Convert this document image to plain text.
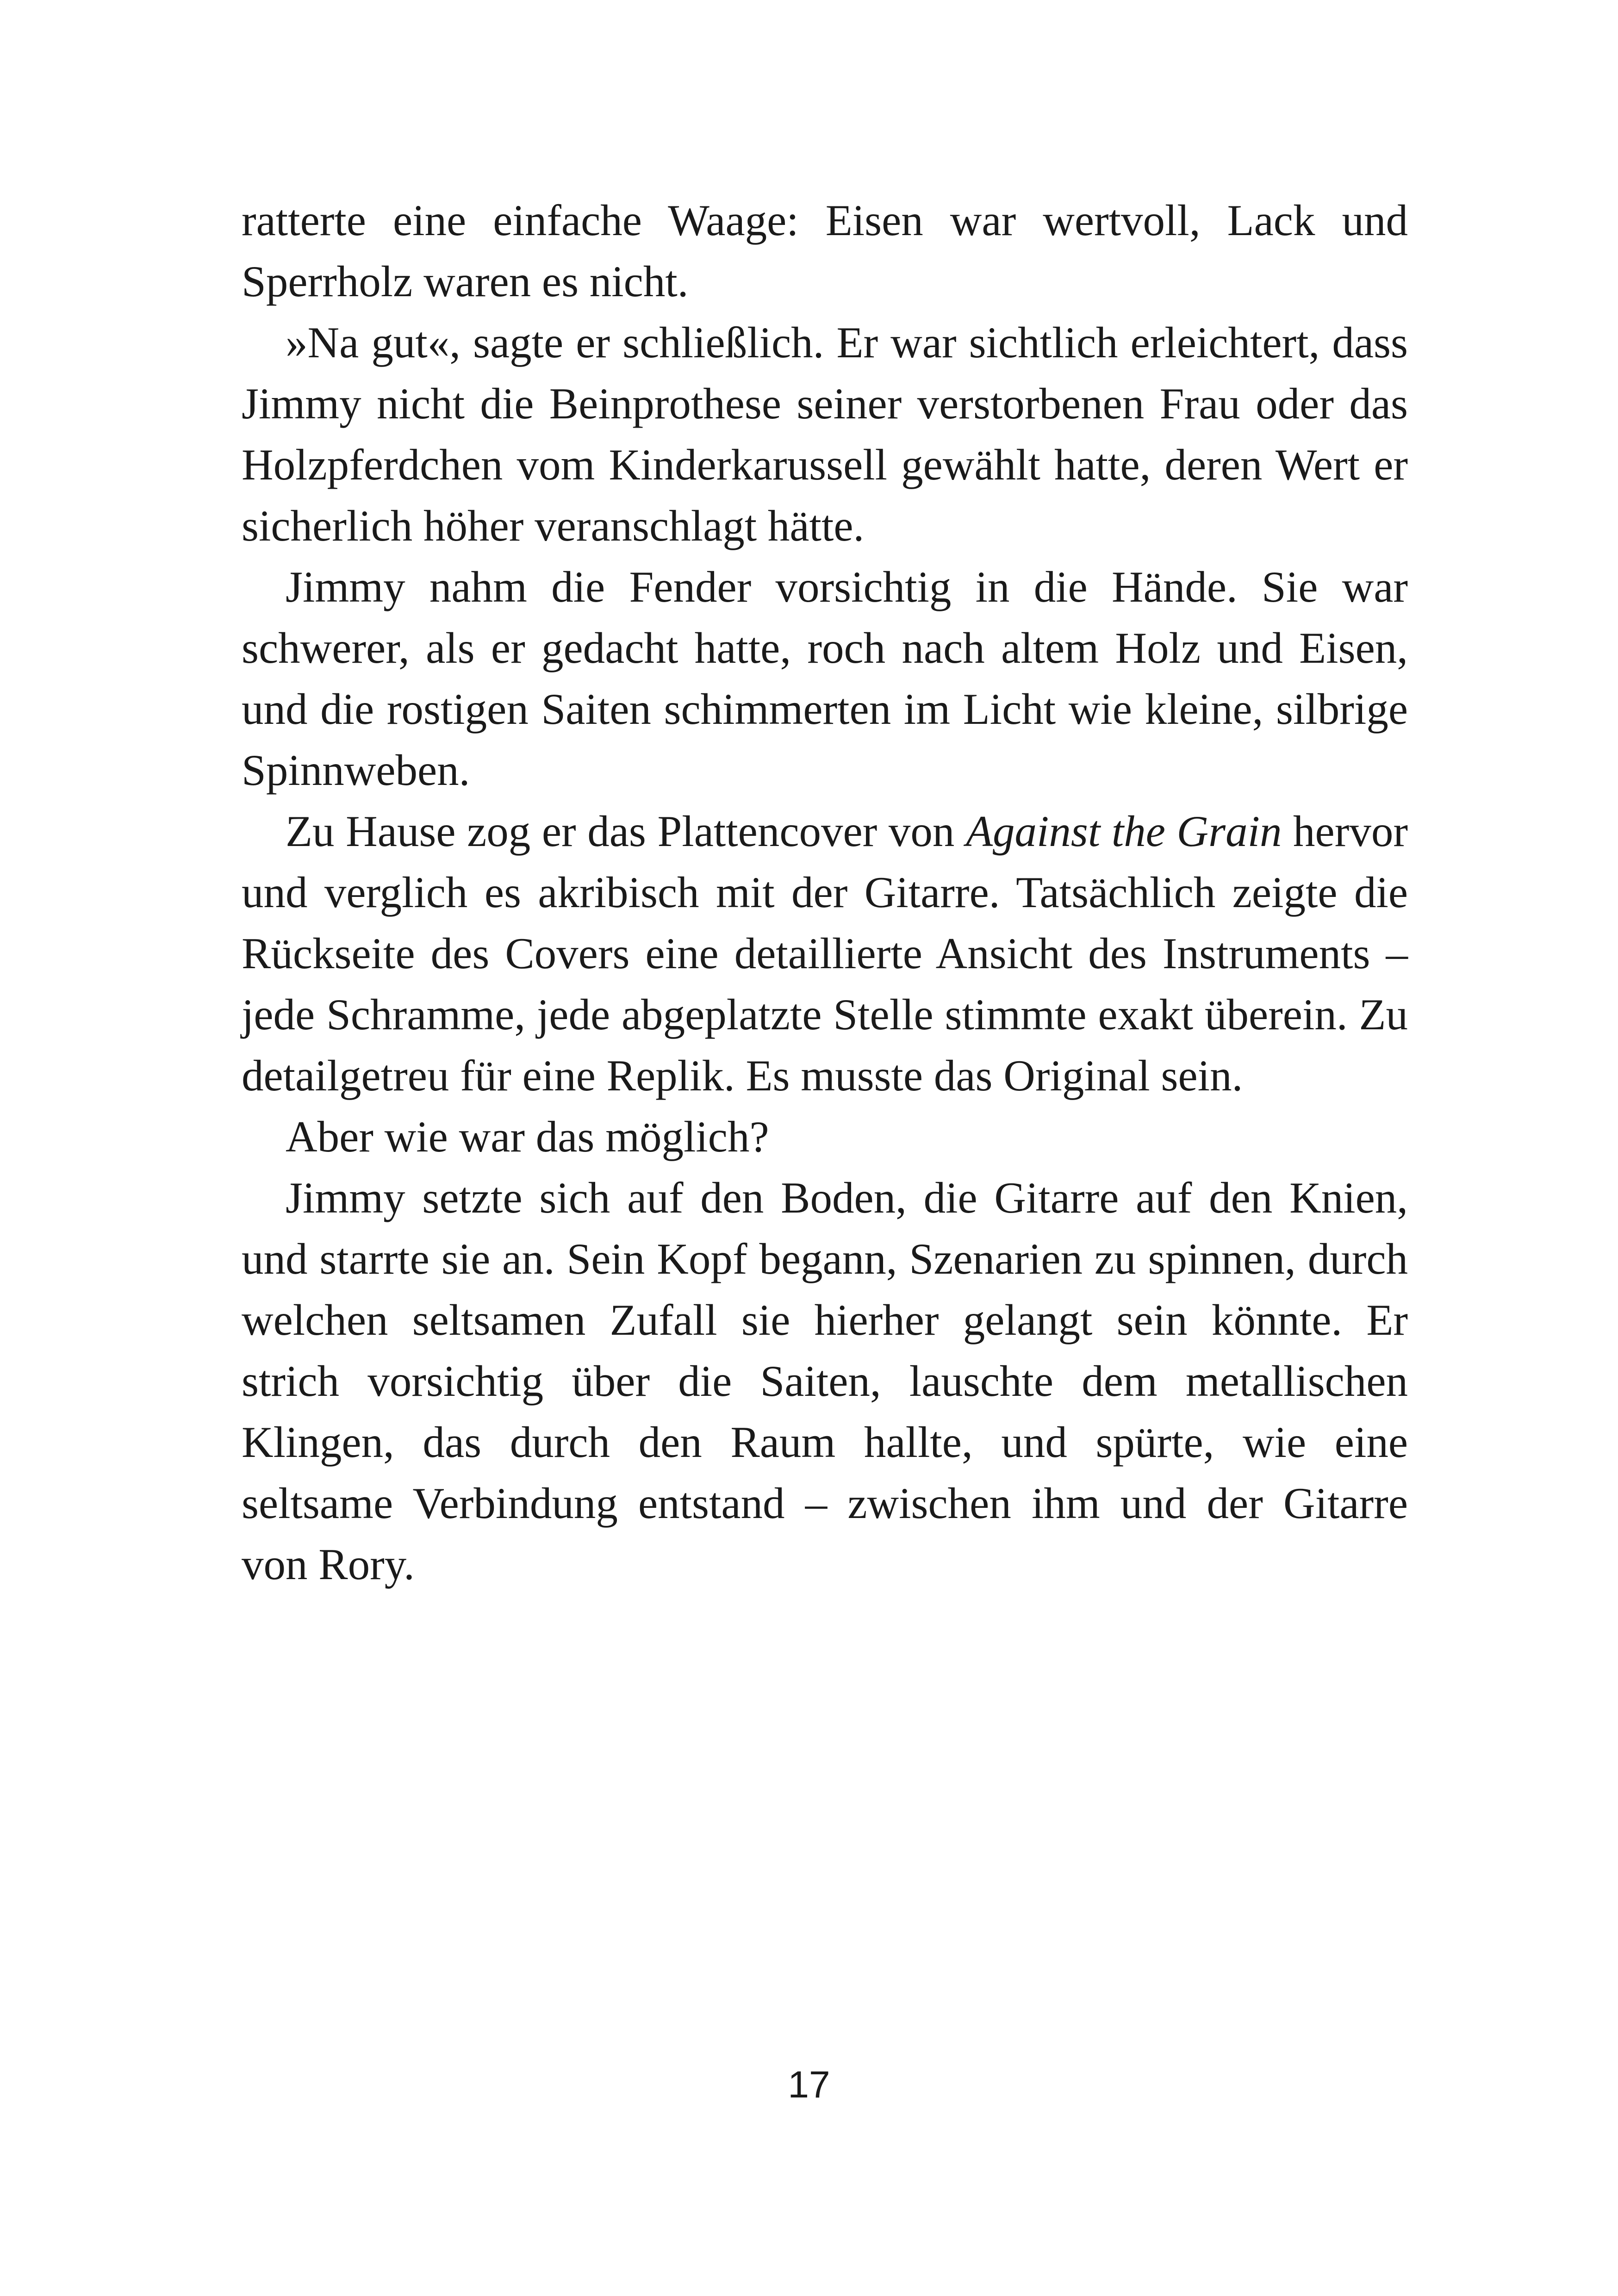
ratterte eine einfache Waage: Eisen war wertvoll, Lack und Sperrholz waren es nicht.

»Na gut«, sagte er schließlich. Er war sichtlich erleichtert, dass Jimmy nicht die Beinprothese seiner verstorbenen Frau oder das Holzpferdchen vom Kinderkarussell gewählt hatte, deren Wert er sicherlich höher veranschlagt hätte.

Jimmy nahm die Fender vorsichtig in die Hände. Sie war schwerer, als er gedacht hatte, roch nach altem Holz und Eisen, und die rostigen Saiten schimmerten im Licht wie kleine, silbrige Spinnweben.

Zu Hause zog er das Plattencover von Against the Grain hervor und verglich es akribisch mit der Gitarre. Tatsächlich zeigte die Rückseite des Covers eine detaillierte Ansicht des Instruments – jede Schramme, jede abgeplatzte Stelle stimmte exakt überein. Zu detailgetreu für eine Replik. Es musste das Original sein.

Aber wie war das möglich?

Jimmy setzte sich auf den Boden, die Gitarre auf den Knien, und starrte sie an. Sein Kopf begann, Szenarien zu spinnen, durch welchen seltsamen Zufall sie hierher gelangt sein könnte. Er strich vorsichtig über die Saiten, lauschte dem metallischen Klingen, das durch den Raum hallte, und spürte, wie eine seltsame Verbindung entstand – zwischen ihm und der Gitarre von Rory.

17
